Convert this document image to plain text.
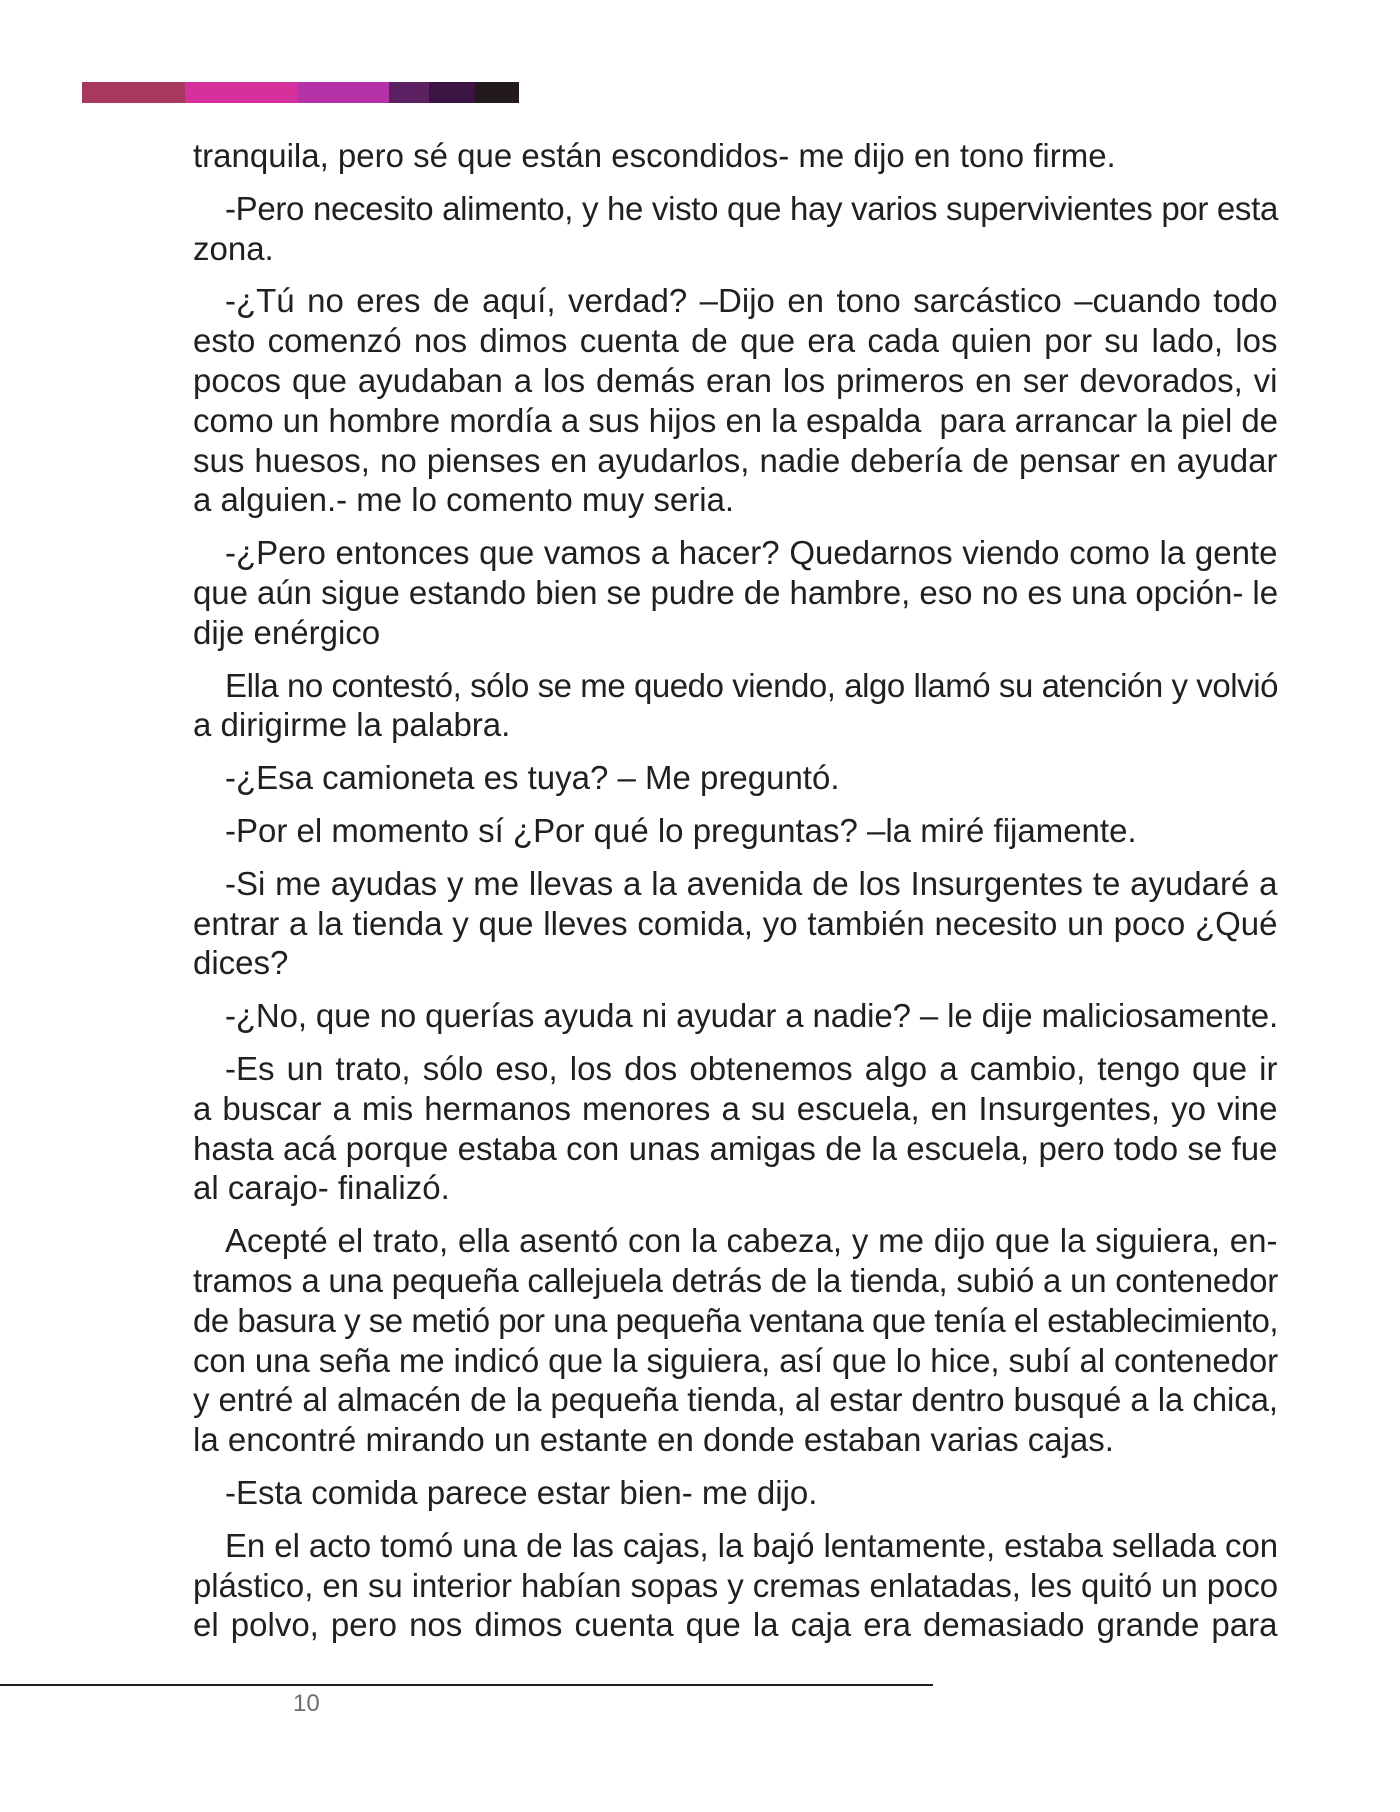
tranquila, pero sé que están escondidos- me dijo en tono firme.
-Pero necesito alimento, y he visto que hay varios supervivientes por esta
zona.
-¿Tú no eres de aquí, verdad? –Dijo en tono sarcástico –cuando todo
esto comenzó nos dimos cuenta de que era cada quien por su lado, los
pocos que ayudaban a los demás eran los primeros en ser devorados, vi
como un hombre mordía a sus hijos en la espalda  para arrancar la piel de
sus huesos, no pienses en ayudarlos, nadie debería de pensar en ayudar
a alguien.- me lo comento muy seria.
-¿Pero entonces que vamos a hacer? Quedarnos viendo como la gente
que aún sigue estando bien se pudre de hambre, eso no es una opción- le
dije enérgico
Ella no contestó, sólo se me quedo viendo, algo llamó su atención y volvió
a dirigirme la palabra.
-¿Esa camioneta es tuya? – Me preguntó.
-Por el momento sí ¿Por qué lo preguntas? –la miré fijamente.
-Si me ayudas y me llevas a la avenida de los Insurgentes te ayudaré a
entrar a la tienda y que lleves comida, yo también necesito un poco ¿Qué
dices?
-¿No, que no querías ayuda ni ayudar a nadie? – le dije maliciosamente.
-Es un trato, sólo eso, los dos obtenemos algo a cambio, tengo que ir
a buscar a mis hermanos menores a su escuela, en Insurgentes, yo vine
hasta acá porque estaba con unas amigas de la escuela, pero todo se fue
al carajo- finalizó.
Acepté el trato, ella asentó con la cabeza, y me dijo que la siguiera, en-
tramos a una pequeña callejuela detrás de la tienda, subió a un contenedor
de basura y se metió por una pequeña ventana que tenía el establecimiento,
con una seña me indicó que la siguiera, así que lo hice, subí al contenedor
y entré al almacén de la pequeña tienda, al estar dentro busqué a la chica,
la encontré mirando un estante en donde estaban varias cajas.
-Esta comida parece estar bien- me dijo.
En el acto tomó una de las cajas, la bajó lentamente, estaba sellada con
plástico, en su interior habían sopas y cremas enlatadas, les quitó un poco
el polvo, pero nos dimos cuenta que la caja era demasiado grande para
10
